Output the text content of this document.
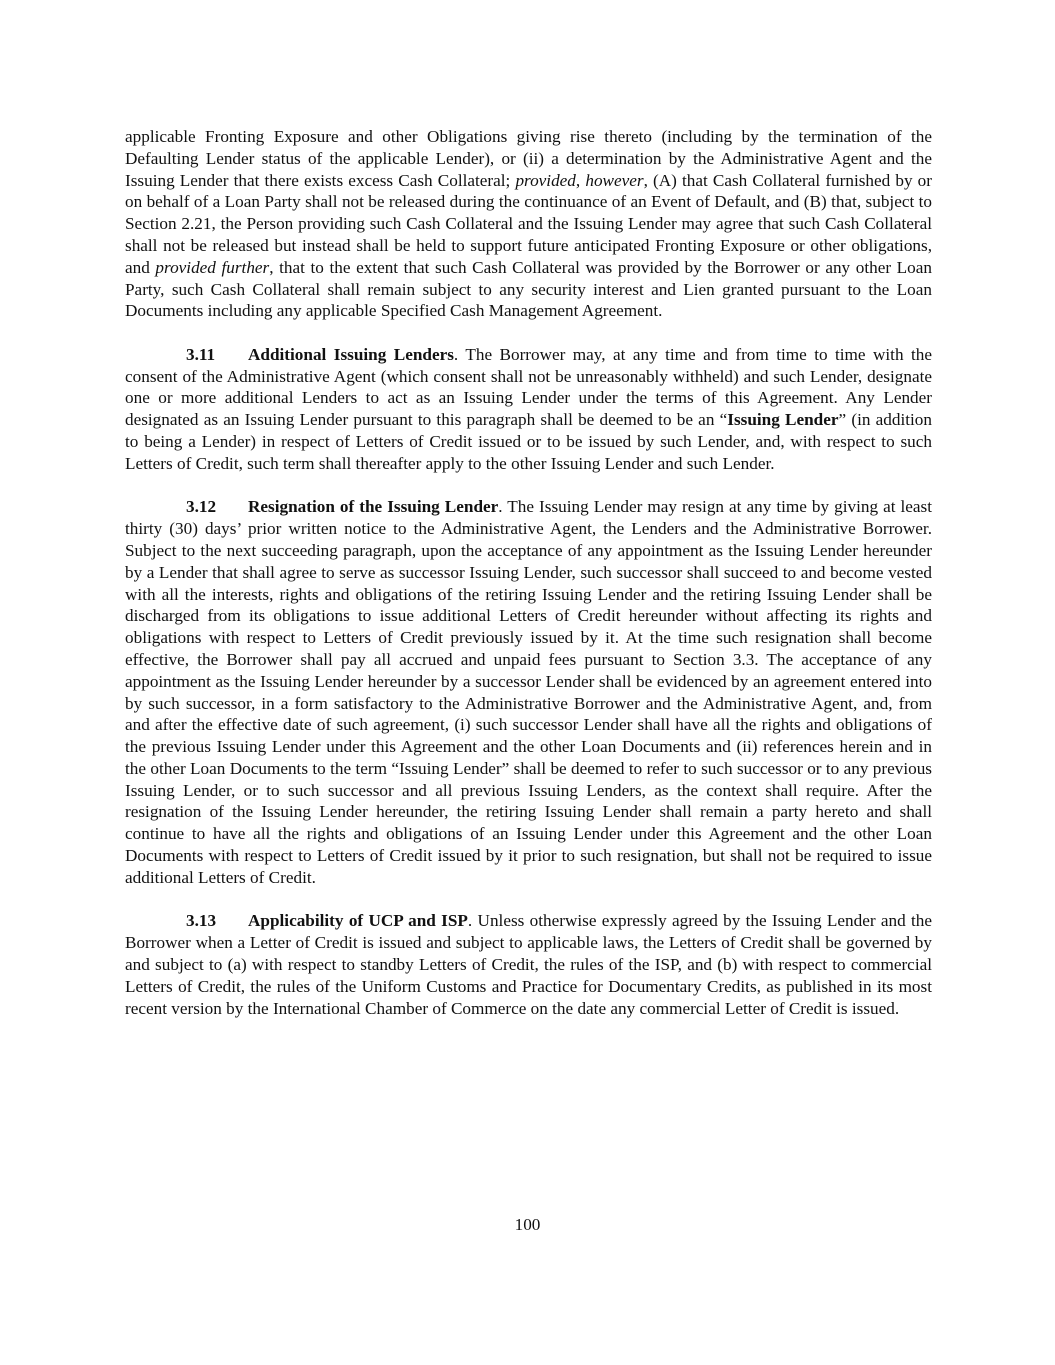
applicable Fronting Exposure and other Obligations giving rise thereto (including by the termination of the Defaulting Lender status of the applicable Lender), or (ii) a determination by the Administrative Agent and the Issuing Lender that there exists excess Cash Collateral; provided, however, (A) that Cash Collateral furnished by or on behalf of a Loan Party shall not be released during the continuance of an Event of Default, and (B) that, subject to Section 2.21, the Person providing such Cash Collateral and the Issuing Lender may agree that such Cash Collateral shall not be released but instead shall be held to support future anticipated Fronting Exposure or other obligations, and provided further, that to the extent that such Cash Collateral was provided by the Borrower or any other Loan Party, such Cash Collateral shall remain subject to any security interest and Lien granted pursuant to the Loan Documents including any applicable Specified Cash Management Agreement.

3.11 Additional Issuing Lenders. The Borrower may, at any time and from time to time with the consent of the Administrative Agent (which consent shall not be unreasonably withheld) and such Lender, designate one or more additional Lenders to act as an Issuing Lender under the terms of this Agreement. Any Lender designated as an Issuing Lender pursuant to this paragraph shall be deemed to be an “Issuing Lender” (in addition to being a Lender) in respect of Letters of Credit issued or to be issued by such Lender, and, with respect to such Letters of Credit, such term shall thereafter apply to the other Issuing Lender and such Lender.

3.12 Resignation of the Issuing Lender. The Issuing Lender may resign at any time by giving at least thirty (30) days’ prior written notice to the Administrative Agent, the Lenders and the Administrative Borrower. Subject to the next succeeding paragraph, upon the acceptance of any appointment as the Issuing Lender hereunder by a Lender that shall agree to serve as successor Issuing Lender, such successor shall succeed to and become vested with all the interests, rights and obligations of the retiring Issuing Lender and the retiring Issuing Lender shall be discharged from its obligations to issue additional Letters of Credit hereunder without affecting its rights and obligations with respect to Letters of Credit previously issued by it. At the time such resignation shall become effective, the Borrower shall pay all accrued and unpaid fees pursuant to Section 3.3. The acceptance of any appointment as the Issuing Lender hereunder by a successor Lender shall be evidenced by an agreement entered into by such successor, in a form satisfactory to the Administrative Borrower and the Administrative Agent, and, from and after the effective date of such agreement, (i) such successor Lender shall have all the rights and obligations of the previous Issuing Lender under this Agreement and the other Loan Documents and (ii) references herein and in the other Loan Documents to the term “Issuing Lender” shall be deemed to refer to such successor or to any previous Issuing Lender, or to such successor and all previous Issuing Lenders, as the context shall require. After the resignation of the Issuing Lender hereunder, the retiring Issuing Lender shall remain a party hereto and shall continue to have all the rights and obligations of an Issuing Lender under this Agreement and the other Loan Documents with respect to Letters of Credit issued by it prior to such resignation, but shall not be required to issue additional Letters of Credit.

3.13 Applicability of UCP and ISP. Unless otherwise expressly agreed by the Issuing Lender and the Borrower when a Letter of Credit is issued and subject to applicable laws, the Letters of Credit shall be governed by and subject to (a) with respect to standby Letters of Credit, the rules of the ISP, and (b) with respect to commercial Letters of Credit, the rules of the Uniform Customs and Practice for Documentary Credits, as published in its most recent version by the International Chamber of Commerce on the date any commercial Letter of Credit is issued.

100
